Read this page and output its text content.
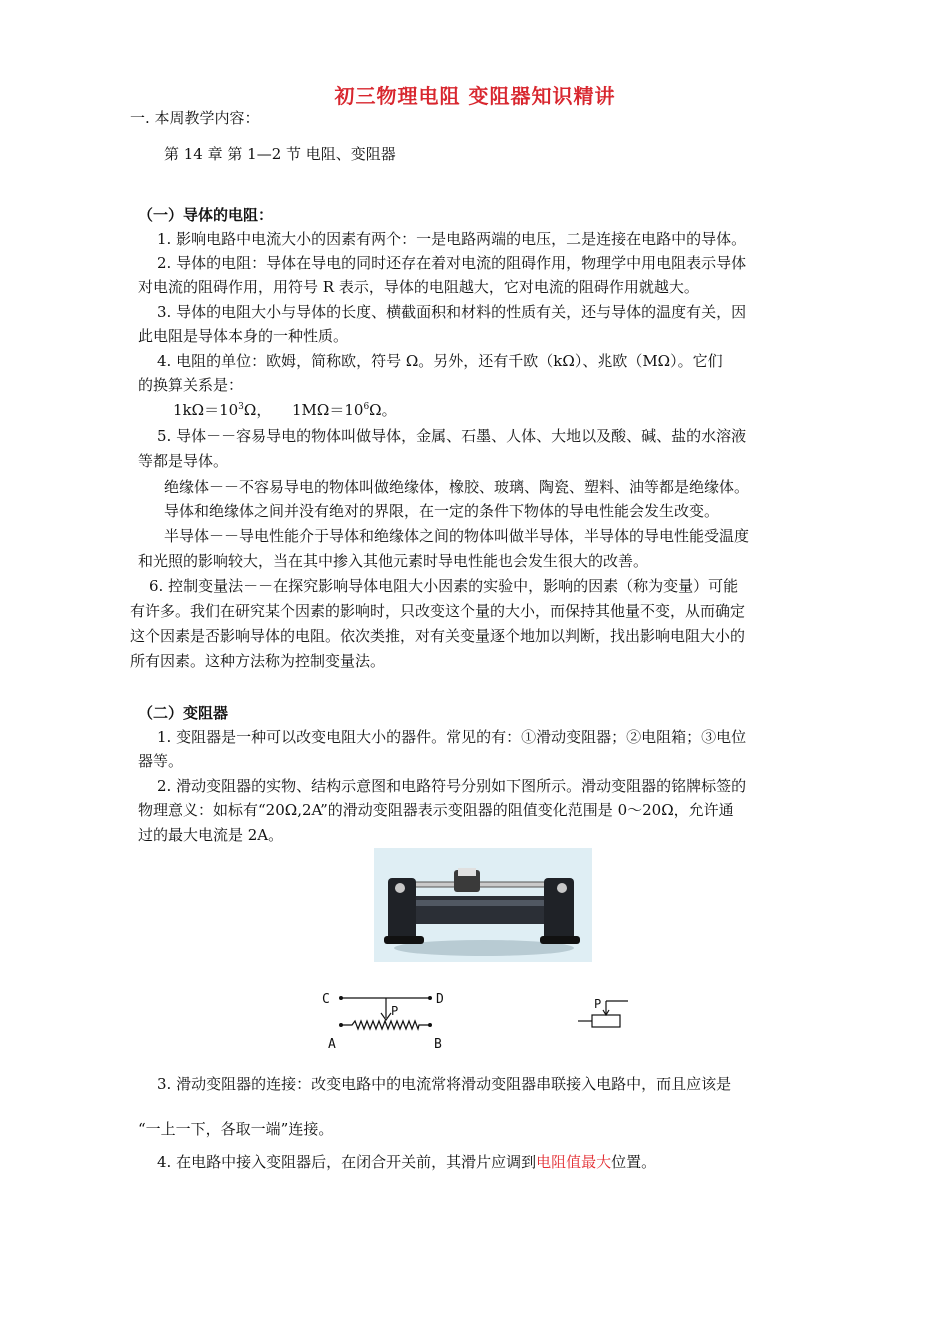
初三物理电阻 变阻器知识精讲
一. 本周教学内容：
第 14 章 第 1—2 节 电阻、变阻器
（一）导体的电阻：
1. 影响电路中电流大小的因素有两个：一是电路两端的电压，二是连接在电路中的导体。
2. 导体的电阻：导体在导电的同时还存在着对电流的阻碍作用，物理学中用电阻表示导体
对电流的阻碍作用，用符号 R 表示，导体的电阻越大，它对电流的阻碍作用就越大。
3. 导体的电阻大小与导体的长度、横截面积和材料的性质有关，还与导体的温度有关，因
此电阻是导体本身的一种性质。
4. 电阻的单位：欧姆，简称欧，符号 Ω。另外，还有千欧（kΩ）、兆欧（MΩ）。它们
的换算关系是：
$1k\Omega=10^3\Omega$， $1M\Omega=10^6\Omega$。
5. 导体－－容易导电的物体叫做导体，金属、石墨、人体、大地以及酸、碱、盐的水溶液
等都是导体。
绝缘体－－不容易导电的物体叫做绝缘体，橡胶、玻璃、陶瓷、塑料、油等都是绝缘体。
导体和绝缘体之间并没有绝对的界限，在一定的条件下物体的导电性能会发生改变。
半导体－－导电性能介于导体和绝缘体之间的物体叫做半导体，半导体的导电性能受温度
和光照的影响较大，当在其中掺入其他元素时导电性能也会发生很大的改善。
6. 控制变量法－－在探究影响导体电阻大小因素的实验中，影响的因素（称为变量）可能
有许多。我们在研究某个因素的影响时，只改变这个量的大小，而保持其他量不变，从而确定
这个因素是否影响导体的电阻。依次类推，对有关变量逐个地加以判断，找出影响电阻大小的
所有因素。这种方法称为控制变量法。
（二）变阻器
1. 变阻器是一种可以改变电阻大小的器件。常见的有：①滑动变阻器；②电阻箱；③电位
器等。
2. 滑动变阻器的实物、结构示意图和电路符号分别如下图所示。滑动变阻器的铭牌标签的
物理意义：如标有“20Ω,2A”的滑动变阻器表示变阻器的阻值变化范围是 0～20Ω，允许通
过的最大电流是 2A。
C	D
P
A	B
P
3. 滑动变阻器的连接：改变电路中的电流常将滑动变阻器串联接入电路中，而且应该是
“一上一下，各取一端”连接。
4. 在电路中接入变阻器后，在闭合开关前，其滑片应调到电阻值最大位置。
